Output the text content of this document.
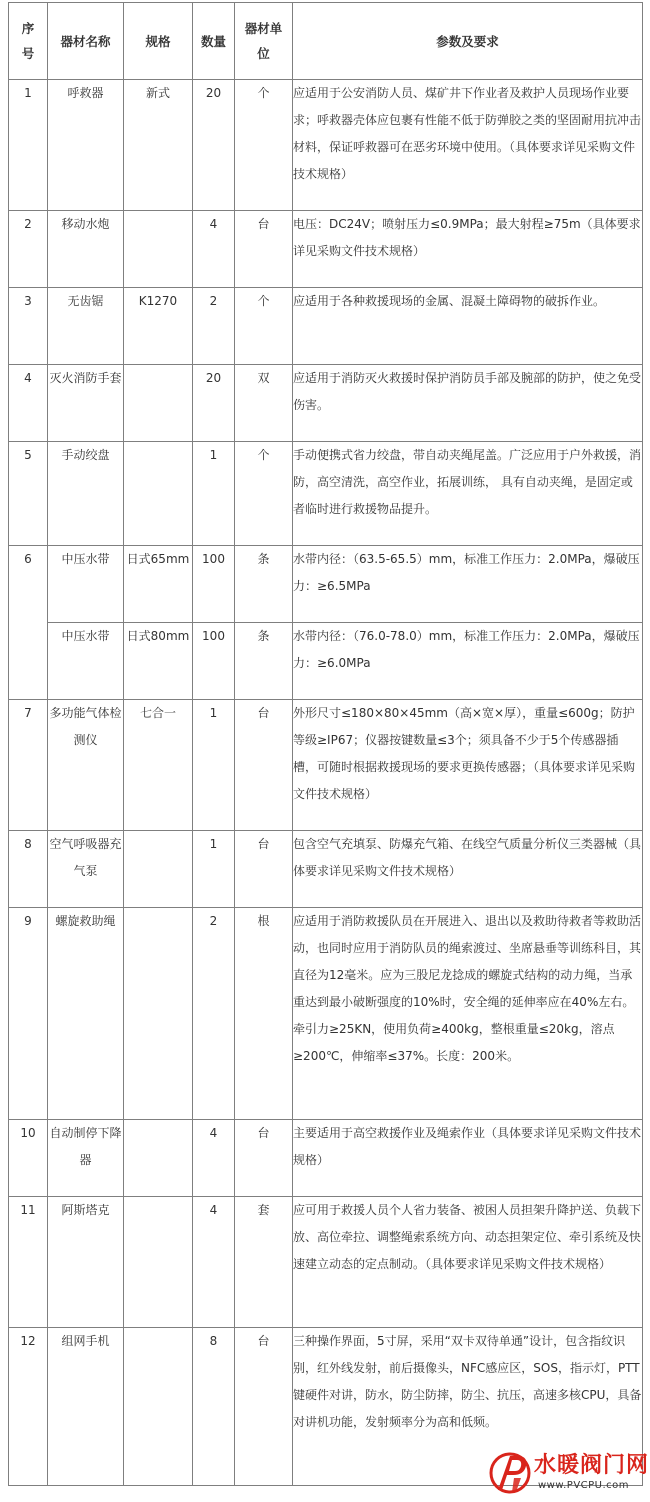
序号	器材名称	规格	数量	器材单位	参数及要求
1	呼救器	新式	20	个	应适用于公安消防人员、煤矿井下作业者及救护人员现场作业要求；呼救器壳体应包裹有性能不低于防弹胶之类的坚固耐用抗冲击材料，保证呼救器可在恶劣环境中使用。（具体要求详见采购文件技术规格）
2	移动水炮		4	台	电压：DC24V；喷射压力≤0.9MPa；最大射程≥75m（具体要求详见采购文件技术规格）
3	无齿锯	K1270	2	个	应适用于各种救援现场的金属、混凝土障碍物的破拆作业。
4	灭火消防手套		20	双	应适用于消防灭火救援时保护消防员手部及腕部的防护，使之免受伤害。
5	手动绞盘		1	个	手动便携式省力绞盘，带自动夹绳尾盖。广泛应用于户外救援，消防，高空清洗，高空作业，拓展训练， 具有自动夹绳，是固定或者临时进行救援物品提升。
6	中压水带	日式65mm	100	条	水带内径：（63.5-65.5）mm，标准工作压力：2.0MPa，爆破压力：≥6.5MPa
	中压水带	日式80mm	100	条	水带内径：（76.0-78.0）mm，标准工作压力：2.0MPa，爆破压力：≥6.0MPa
7	多功能气体检测仪	七合一	1	台	外形尺寸≤180×80×45mm（高×宽×厚），重量≤600g；防护等级≥IP67；仪器按键数量≤3个；须具备不少于5个传感器插槽，可随时根据救援现场的要求更换传感器；（具体要求详见采购文件技术规格）
8	空气呼吸器充气泵		1	台	包含空气充填泵、防爆充气箱、在线空气质量分析仪三类器械（具体要求详见采购文件技术规格）
9	螺旋救助绳		2	根	应适用于消防救援队员在开展进入、退出以及救助待救者等救助活动，也同时应用于消防队员的绳索渡过、坐席悬垂等训练科目，其直径为12毫米。应为三股尼龙捻成的螺旋式结构的动力绳，当承重达到最小破断强度的10%时，安全绳的延伸率应在40%左右。牵引力≥25KN，使用负荷≥400kg，整根重量≤20kg，溶点≥200℃，伸缩率≤37%。长度：200米。
10	自动制停下降器		4	台	主要适用于高空救援作业及绳索作业（具体要求详见采购文件技术规格）
11	阿斯塔克		4	套	应可用于救援人员个人省力装备、被困人员担架升降护送、负载下放、高位牵拉、调整绳索系统方向、动态担架定位、牵引系统及快速建立动态的定点制动。（具体要求详见采购文件技术规格）
12	组网手机		8	台	三种操作界面，5寸屏，采用“双卡双待单通”设计，包含指纹识别，红外线发射，前后摄像头，NFC感应区，SOS，指示灯，PTT键硬件对讲，防水，防尘防摔，防尘、抗压，高速多核CPU，具备对讲机功能，发射频率分为高和低频。
水暖阀门网
www.PVCPU.com
